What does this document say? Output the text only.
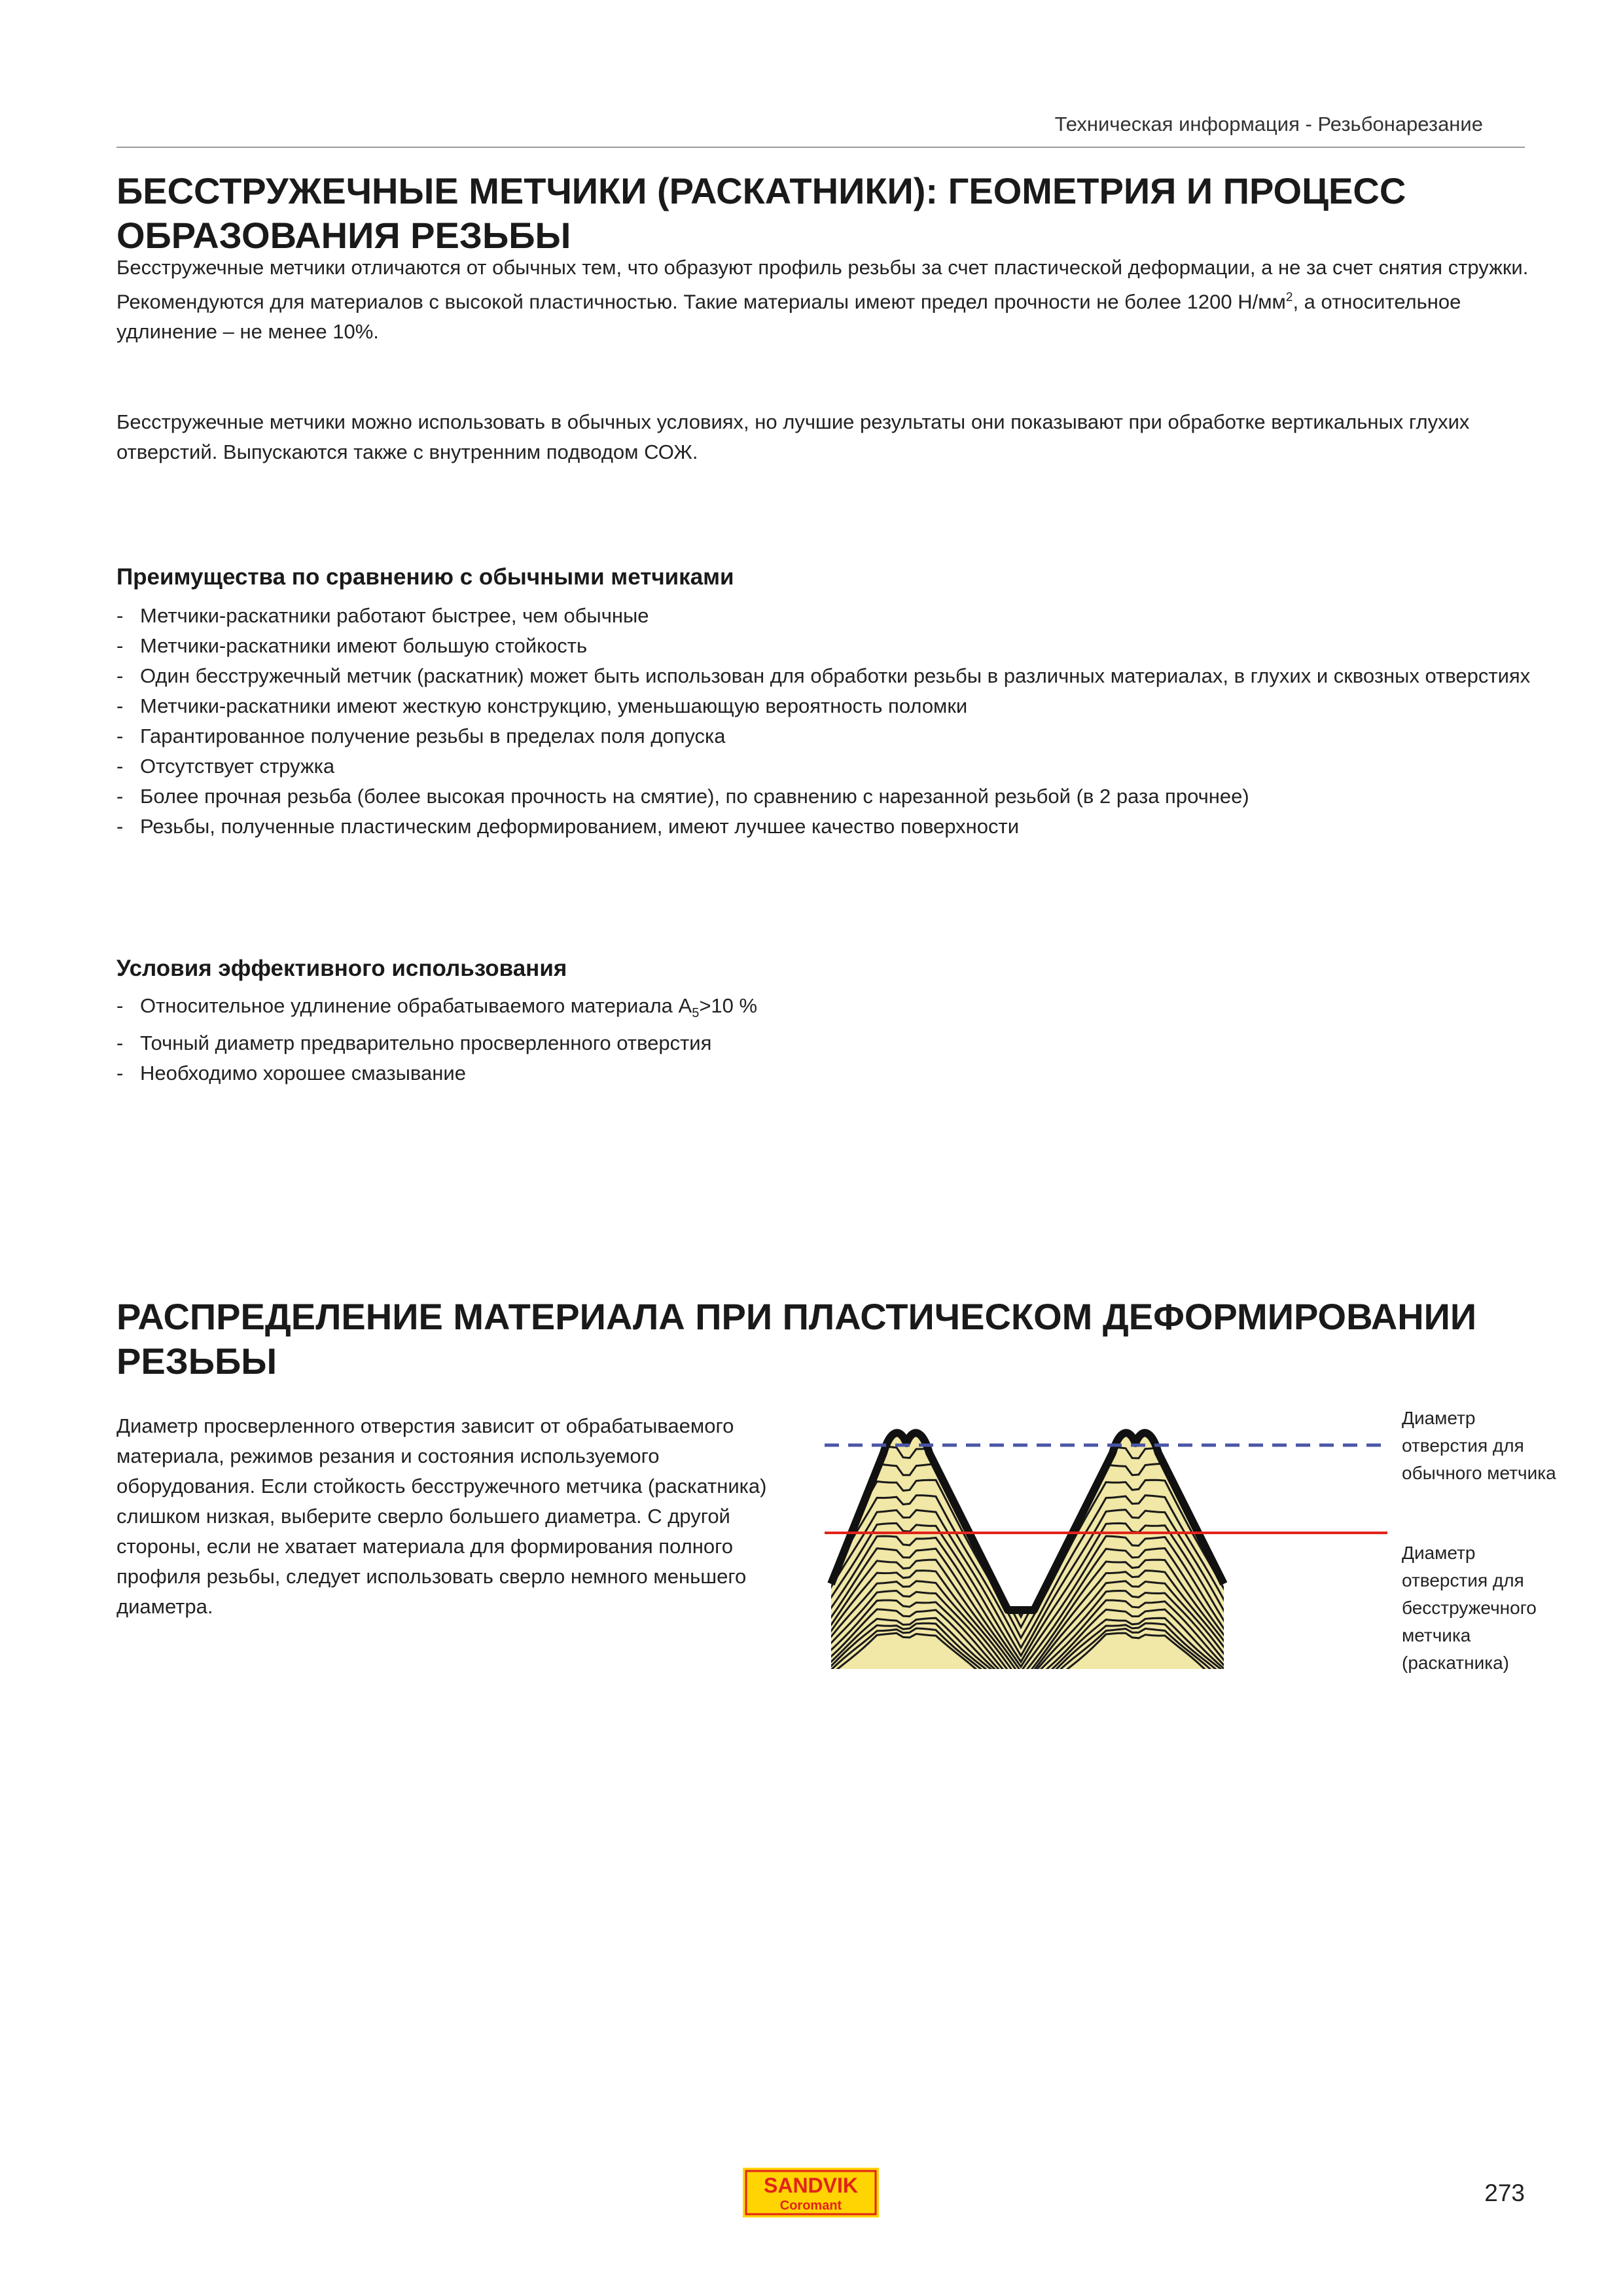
Техническая информация - Резьбонарезание
БЕССТРУЖЕЧНЫЕ МЕТЧИКИ (РАСКАТНИКИ): ГЕОМЕТРИЯ И ПРОЦЕСС ОБРАЗОВАНИЯ РЕЗЬБЫ

Бесстружечные метчики отличаются от обычных тем, что образуют профиль резьбы за счет пластической деформации, а не за счет снятия стружки. Рекомендуются для материалов с высокой пластичностью. Такие материалы имеют предел прочности не более 1200 $Н/мм^2$, а относительное удлинение – не менее 10%.

Бесстружечные метчики можно использовать в обычных условиях, но лучшие результаты они показывают при обработке вертикальных глухих отверстий. Выпускаются также с внутренним подводом СОЖ.

Преимущества по сравнению с обычными метчиками
- Метчики-раскатники работают быстрее, чем обычные
- Метчики-раскатники имеют большую стойкость
- Один бесстружечный метчик (раскатник) может быть использован для обработки резьбы в различных материалах, в глухих и сквозных отверстиях
- Метчики-раскатники имеют жесткую конструкцию, уменьшающую вероятность поломки
- Гарантированное получение резьбы в пределах поля допуска
- Отсутствует стружка
- Более прочная резьба (более высокая прочность на смятие), по сравнению с нарезанной резьбой (в 2 раза прочнее)
- Резьбы, полученные пластическим деформированием, имеют лучшее качество поверхности
Условия эффективного использования
- Относительное удлинение обрабатываемого материала $A_5>10$ %
- Точный диаметр предварительно просверленного отверстия
- Необходимо хорошее смазывание
РАСПРЕДЕЛЕНИЕ МАТЕРИАЛА ПРИ ПЛАСТИЧЕСКОМ ДЕФОРМИРОВАНИИ РЕЗЬБЫ

Диаметр просверленного отверстия зависит от обрабатываемого материала, режимов резания и состояния используемого оборудования. Если стойкость бесстружечного метчика (раскатника) слишком низкая, выберите сверло большего диаметра. С другой стороны, если не хватает материала для формирования полного профиля резьбы, следует использовать сверло немного меньшего диаметра.

Диаметр отверстия для обычного метчика

Диаметр отверстия для бесстружечного метчика (раскатника)

SANDVIK
Coromant	273
